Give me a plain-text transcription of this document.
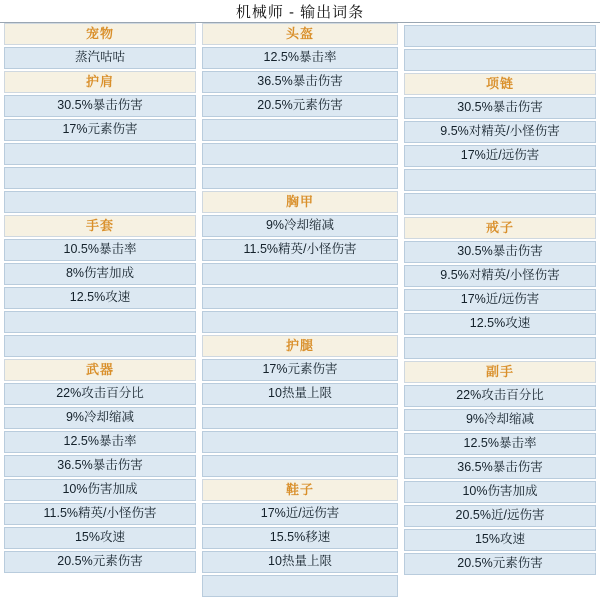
机械师 - 输出词条
宠物
蒸汽咕咕
护肩
30.5%暴击伤害
17%元素伤害
手套
10.5%暴击率
8%伤害加成
12.5%攻速
武器
22%攻击百分比
9%冷却缩减
12.5%暴击率
36.5%暴击伤害
10%伤害加成
11.5%精英/小怪伤害
15%攻速
20.5%元素伤害
头盔
12.5%暴击率
36.5%暴击伤害
20.5%元素伤害
胸甲
9%冷却缩减
11.5%精英/小怪伤害
护腿
17%元素伤害
10热量上限
鞋子
17%近/远伤害
15.5%移速
10热量上限
项链
30.5%暴击伤害
9.5%对精英/小怪伤害
17%近/远伤害
戒子
30.5%暴击伤害
9.5%对精英/小怪伤害
17%近/远伤害
12.5%攻速
副手
22%攻击百分比
9%冷却缩减
12.5%暴击率
36.5%暴击伤害
10%伤害加成
20.5%近/远伤害
15%攻速
20.5%元素伤害
